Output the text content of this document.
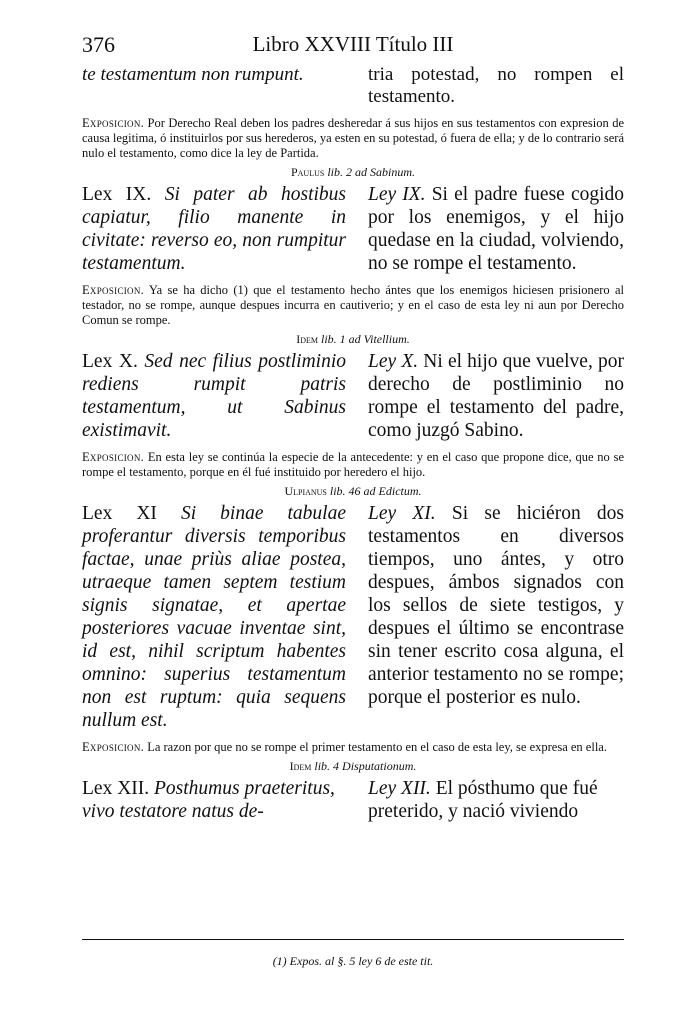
376	Libro XXVIII Título III
te testamentum non rumpunt.	tria potestad, no rompen el testamento.
Exposicion. Por Derecho Real deben los padres desheredar á sus hijos en sus testamentos con expresion de causa legitima, ó instituirlos por sus herederos, ya esten en su potestad, ó fuera de ella; y de lo contrario será nulo el testamento, como dice la ley de Partida.
Paulus lib. 2 ad Sabinum.
Lex IX. Si pater ab hostibus capiatur, filio manente in civitate: reverso eo, non rumpitur testamentum.
Ley IX. Si el padre fuese cogido por los enemigos, y el hijo quedase en la ciudad, volviendo, no se rompe el testamento.
Exposicion. Ya se ha dicho (1) que el testamento hecho ántes que los enemigos hiciesen prisionero al testador, no se rompe, aunque despues incurra en cautiverio; y en el caso de esta ley ni aun por Derecho Comun se rompe.
Idem lib. 1 ad Vitellium.
Lex X. Sed nec filius postliminio rediens rumpit patris testamentum, ut Sabinus existimavit.
Ley X. Ni el hijo que vuelve, por derecho de postliminio no rompe el testamento del padre, como juzgó Sabino.
Exposicion. En esta ley se continúa la especie de la antecedente: y en el caso que propone dice, que no se rompe el testamento, porque en él fué instituido por heredero el hijo.
Ulpianus lib. 46 ad Edictum.
Lex XI Si binae tabulae proferantur diversis temporibus factae, unae priùs aliae postea, utraeque tamen septem testium signis signatae, et apertae posteriores vacuae inventae sint, id est, nihil scriptum habentes omnino: superius testamentum non est ruptum: quia sequens nullum est.
Ley XI. Si se hiciéron dos testamentos en diversos tiempos, uno ántes, y otro despues, ámbos signados con los sellos de siete testigos, y despues el último se encontrase sin tener escrito cosa alguna, el anterior testamento no se rompe; porque el posterior es nulo.
Exposicion. La razon por que no se rompe el primer testamento en el caso de esta ley, se expresa en ella.
Idem lib. 4 Disputationum.
Lex XII. Posthumus praeteritus, vivo testatore natus de-
Ley XII. El pósthumo que fué preterido, y nació viviendo
(1) Expos. al §. 5 ley 6 de este tit.
